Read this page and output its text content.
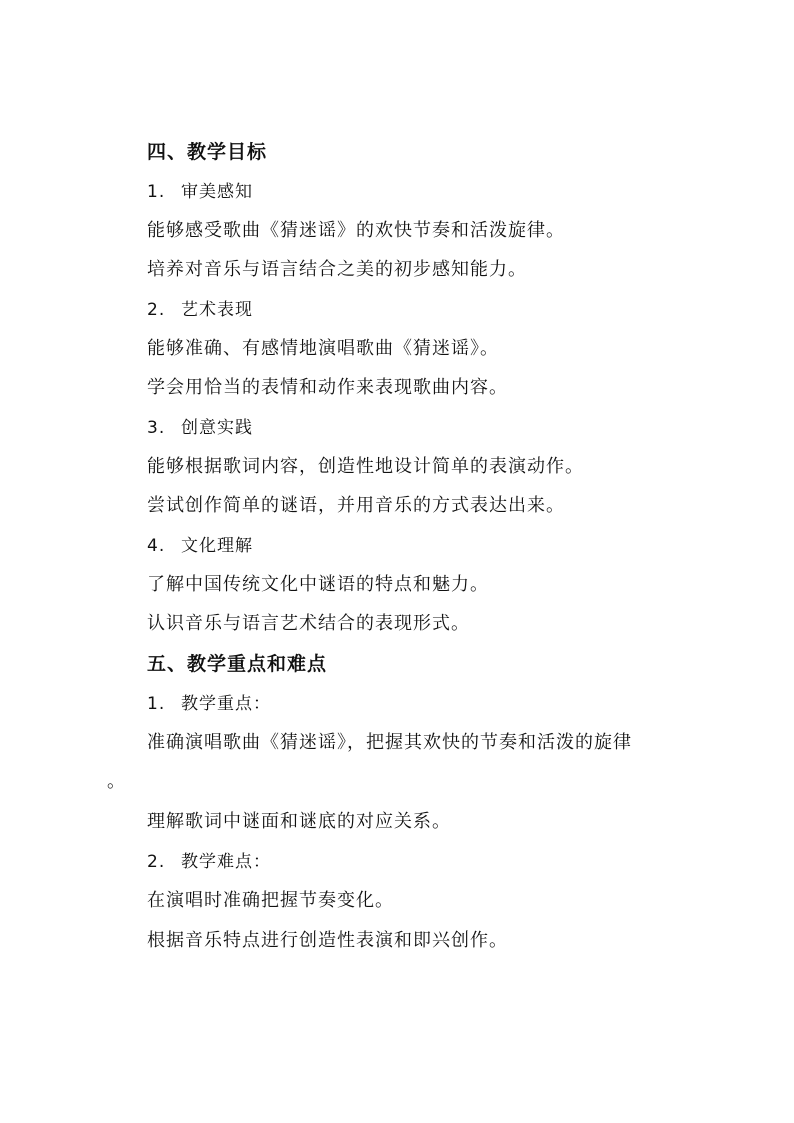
四、教学目标
1. 审美感知
能够感受歌曲《猜迷谣》的欢快节奏和活泼旋律。
培养对音乐与语言结合之美的初步感知能力。
2. 艺术表现
能够准确、有感情地演唱歌曲《猜迷谣》。
学会用恰当的表情和动作来表现歌曲内容。
3. 创意实践
能够根据歌词内容，创造性地设计简单的表演动作。
尝试创作简单的谜语，并用音乐的方式表达出来。
4. 文化理解
了解中国传统文化中谜语的特点和魅力。
认识音乐与语言艺术结合的表现形式。
五、教学重点和难点
1. 教学重点：
准确演唱歌曲《猜迷谣》，把握其欢快的节奏和活泼的旋律
。
理解歌词中谜面和谜底的对应关系。
2. 教学难点：
在演唱时准确把握节奏变化。
根据音乐特点进行创造性表演和即兴创作。
